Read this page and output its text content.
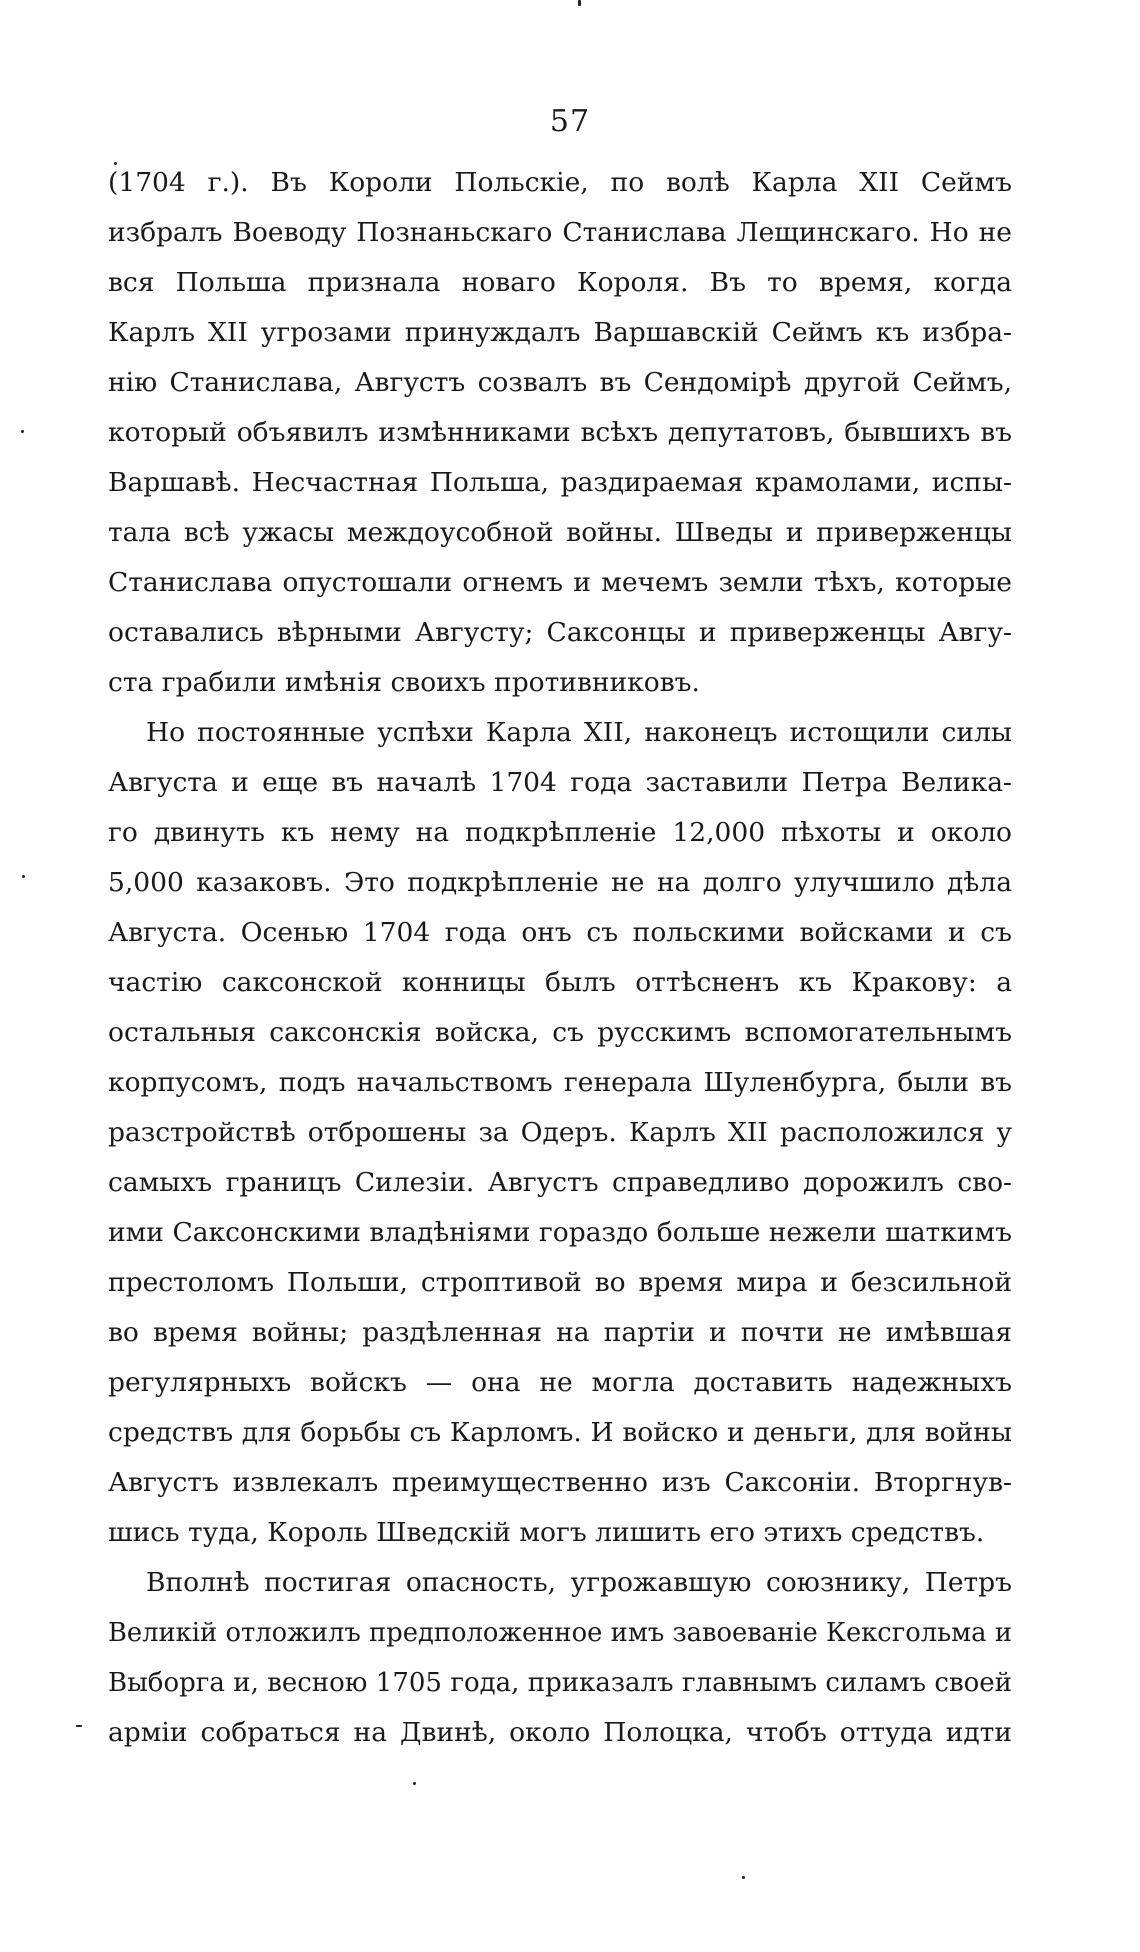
57
(1704 г.). Въ Короли Польскіе, по волѣ Карла XII Сеймъ
избралъ Воеводу Познаньскаго Станислава Лещинскаго. Но не
вся Польша признала новаго Короля. Въ то время, когда
Карлъ XII угрозами принуждалъ Варшавскій Сеймъ къ избра-
нію Станислава, Августъ созвалъ въ Сендомірѣ другой Сеймъ,
который объявилъ измѣнниками всѣхъ депутатовъ, бывшихъ въ
Варшавѣ. Несчастная Польша, раздираемая крамолами, испы-
тала всѣ ужасы междоусобной войны. Шведы и приверженцы
Станислава опустошали огнемъ и мечемъ земли тѣхъ, которые
оставались вѣрными Августу; Саксонцы и приверженцы Авгу-
ста грабили имѣнія своихъ противниковъ.
Но постоянные успѣхи Карла XII, наконецъ истощили силы
Августа и еще въ началѣ 1704 года заставили Петра Велика-
го двинуть къ нему на подкрѣпленіе 12,000 пѣхоты и около
5,000 казаковъ. Это подкрѣпленіе не на долго улучшило дѣла
Августа. Осенью 1704 года онъ съ польскими войсками и съ
частію саксонской конницы былъ оттѣсненъ къ Кракову: а
остальныя саксонскія войска, съ русскимъ вспомогательнымъ
корпусомъ, подъ начальствомъ генерала Шуленбурга, были въ
разстройствѣ отброшены за Одеръ. Карлъ XII расположился у
самыхъ границъ Силезіи. Августъ справедливо дорожилъ сво-
ими Саксонскими владѣніями гораздо больше нежели шаткимъ
престоломъ Польши, строптивой во время мира и безсильной
во время войны; раздѣленная на партіи и почти не имѣвшая
регулярныхъ войскъ — она не могла доставить надежныхъ
средствъ для борьбы съ Карломъ. И войско и деньги, для войны
Августъ извлекалъ преимущественно изъ Саксоніи. Вторгнув-
шись туда, Король Шведскій могъ лишить его этихъ средствъ.
Вполнѣ постигая опасность, угрожавшую союзнику, Петръ
Великій отложилъ предположенное имъ завоеваніе Кексгольма и
Выборга и, весною 1705 года, приказалъ главнымъ силамъ своей
арміи собраться на Двинѣ, около Полоцка, чтобъ оттуда идти
